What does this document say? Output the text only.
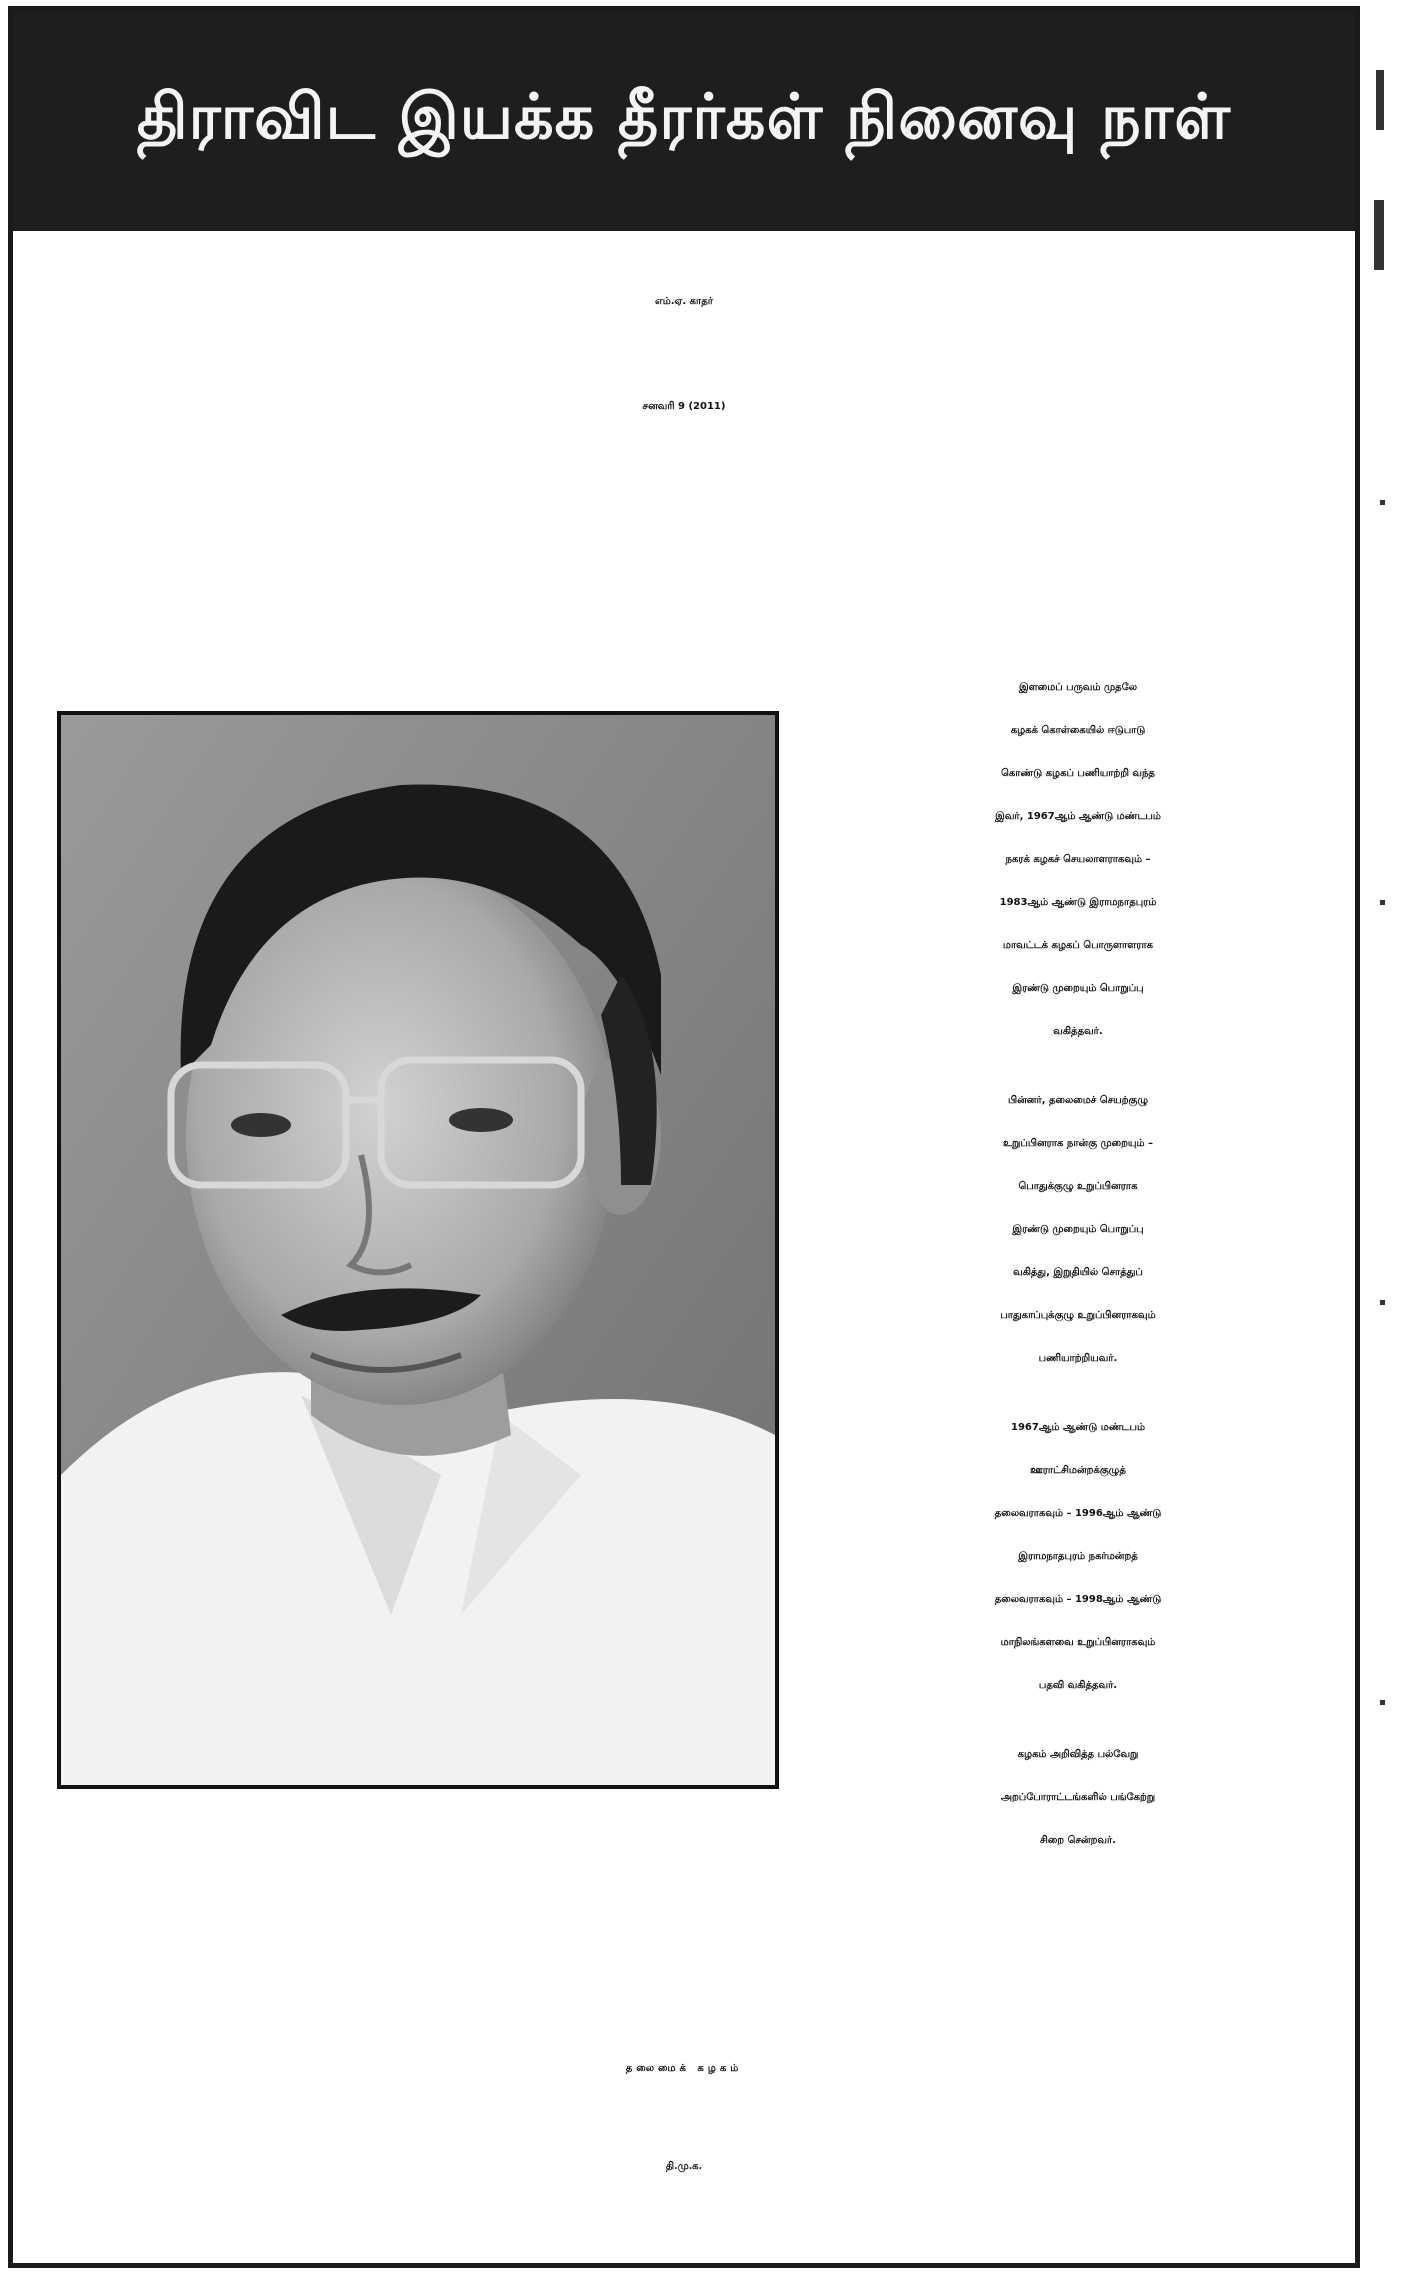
திராவிட இயக்க தீரர்கள் நினைவு நாள்
எம்.ஏ. காதர்
சனவரி 9 (2011)
இளமைப் பருவம் முதலே
கழகக் கொள்கையில் ஈடுபாடு
கொண்டு கழகப் பணியாற்றி வந்த
இவர், 1967ஆம் ஆண்டு மண்டபம்
நகரக் கழகச் செயலாளராகவும் –
1983ஆம் ஆண்டு இராமநாதபுரம்
மாவட்டக் கழகப் பொருளாளராக
இரண்டு முறையும் பொறுப்பு
வகித்தவர்.
பின்னர், தலைமைச் செயற்குழு
உறுப்பினராக நான்கு முறையும் –
பொதுக்குழு உறுப்பினராக
இரண்டு முறையும் பொறுப்பு
வகித்து, இறுதியில் சொத்துப்
பாதுகாப்புக்குழு உறுப்பினராகவும்
பணியாற்றியவர்.
1967ஆம் ஆண்டு மண்டபம்
ஊராட்சிமன்றக்குழுத்
தலைவராகவும் – 1996ஆம் ஆண்டு
இராமநாதபுரம் நகர்மன்றத்
தலைவராகவும் – 1998ஆம் ஆண்டு
மாநிலங்களவை உறுப்பினராகவும்
பதவி வகித்தவர்.
கழகம் அறிவித்த பல்வேறு
அறப்போராட்டங்களில் பங்கேற்று
சிறை சென்றவர்.
தலைமைக் கழகம்
தி.மு.க.
